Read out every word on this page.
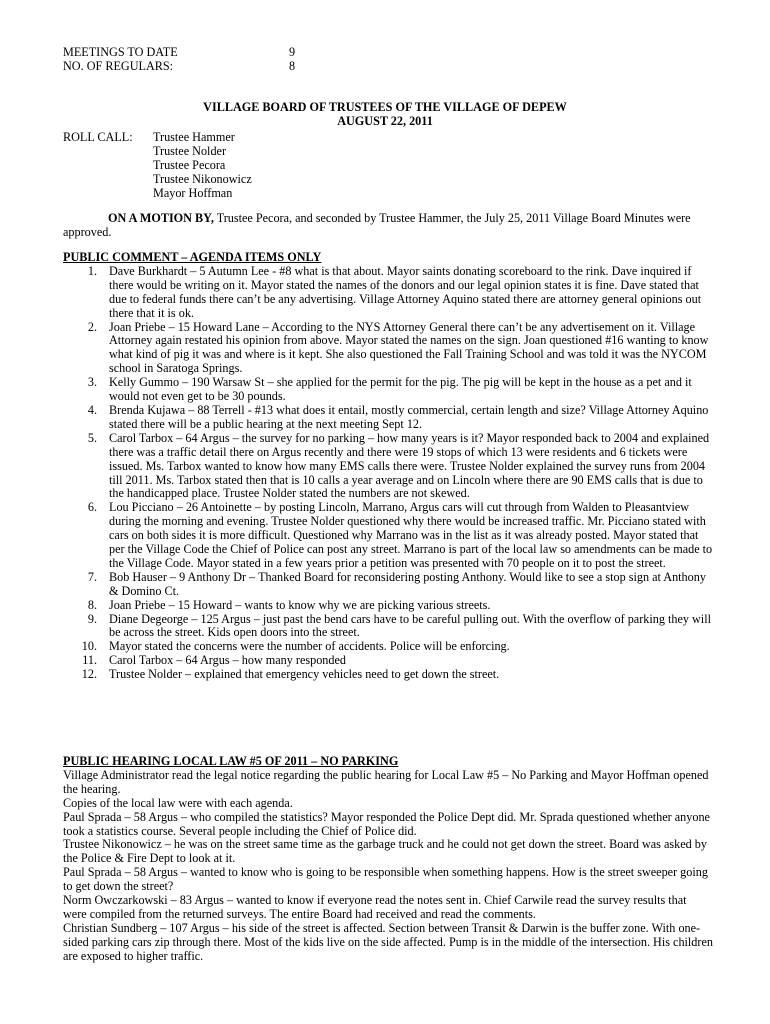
MEETINGS TO DATE	9
NO. OF REGULARS:	8
VILLAGE BOARD OF TRUSTEES OF THE VILLAGE OF DEPEW
AUGUST 22, 2011
ROLL CALL: Trustee Hammer
Trustee Nolder
Trustee Pecora
Trustee Nikonowicz
Mayor Hoffman
ON A MOTION BY, Trustee Pecora, and seconded by Trustee Hammer, the July 25, 2011 Village Board Minutes were approved.
PUBLIC COMMENT – AGENDA ITEMS ONLY
1. Dave Burkhardt – 5 Autumn Lee - #8 what is that about. Mayor saints donating scoreboard to the rink. Dave inquired if there would be writing on it. Mayor stated the names of the donors and our legal opinion states it is fine. Dave stated that due to federal funds there can’t be any advertising. Village Attorney Aquino stated there are attorney general opinions out there that it is ok.
2. Joan Priebe – 15 Howard Lane – According to the NYS Attorney General there can’t be any advertisement on it. Village Attorney again restated his opinion from above. Mayor stated the names on the sign. Joan questioned #16 wanting to know what kind of pig it was and where is it kept. She also questioned the Fall Training School and was told it was the NYCOM school in Saratoga Springs.
3. Kelly Gummo – 190 Warsaw St – she applied for the permit for the pig. The pig will be kept in the house as a pet and it would not even get to be 30 pounds.
4. Brenda Kujawa – 88 Terrell - #13 what does it entail, mostly commercial, certain length and size? Village Attorney Aquino stated there will be a public hearing at the next meeting Sept 12.
5. Carol Tarbox – 64 Argus – the survey for no parking – how many years is it? Mayor responded back to 2004 and explained there was a traffic detail there on Argus recently and there were 19 stops of which 13 were residents and 6 tickets were issued. Ms. Tarbox wanted to know how many EMS calls there were. Trustee Nolder explained the survey runs from 2004 till 2011. Ms. Tarbox stated then that is 10 calls a year average and on Lincoln where there are 90 EMS calls that is due to the handicapped place. Trustee Nolder stated the numbers are not skewed.
6. Lou Picciano – 26 Antoinette – by posting Lincoln, Marrano, Argus cars will cut through from Walden to Pleasantview during the morning and evening. Trustee Nolder questioned why there would be increased traffic. Mr. Picciano stated with cars on both sides it is more difficult. Questioned why Marrano was in the list as it was already posted. Mayor stated that per the Village Code the Chief of Police can post any street. Marrano is part of the local law so amendments can be made to the Village Code. Mayor stated in a few years prior a petition was presented with 70 people on it to post the street.
7. Bob Hauser – 9 Anthony Dr – Thanked Board for reconsidering posting Anthony. Would like to see a stop sign at Anthony & Domino Ct.
8. Joan Priebe – 15 Howard – wants to know why we are picking various streets.
9. Diane Degeorge – 125 Argus – just past the bend cars have to be careful pulling out. With the overflow of parking they will be across the street. Kids open doors into the street.
10. Mayor stated the concerns were the number of accidents. Police will be enforcing.
11. Carol Tarbox – 64 Argus – how many responded
12. Trustee Nolder – explained that emergency vehicles need to get down the street.
PUBLIC HEARING LOCAL LAW #5 OF 2011 – NO PARKING

Village Administrator read the legal notice regarding the public hearing for Local Law #5 – No Parking and Mayor Hoffman opened the hearing.

Copies of the local law were with each agenda.

Paul Sprada – 58 Argus – who compiled the statistics? Mayor responded the Police Dept did. Mr. Sprada questioned whether anyone took a statistics course. Several people including the Chief of Police did.

Trustee Nikonowicz – he was on the street same time as the garbage truck and he could not get down the street. Board was asked by the Police & Fire Dept to look at it.

Paul Sprada – 58 Argus – wanted to know who is going to be responsible when something happens. How is the street sweeper going to get down the street?

Norm Owczarkowski – 83 Argus – wanted to know if everyone read the notes sent in. Chief Carwile read the survey results that were compiled from the returned surveys. The entire Board had received and read the comments.

Christian Sundberg – 107 Argus – his side of the street is affected. Section between Transit & Darwin is the buffer zone. With one-sided parking cars zip through there. Most of the kids live on the side affected. Pump is in the middle of the intersection. His children are exposed to higher traffic.
